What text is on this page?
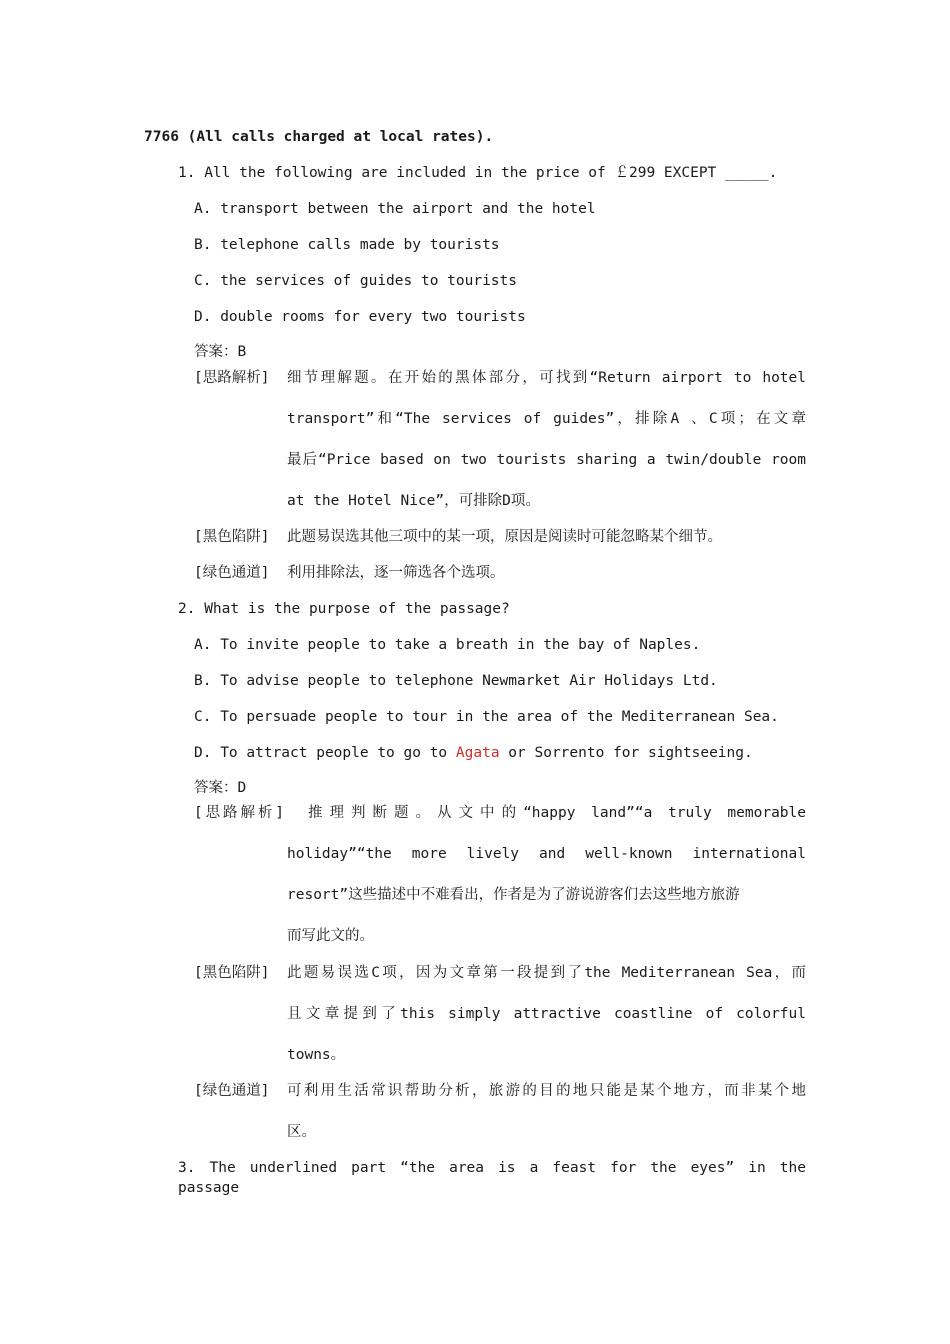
7766 (All calls charged at local rates).
1. All the following are included in the price of ￡299 EXCEPT _____.
A. transport between the airport and the hotel
B. telephone calls made by tourists
C. the services of guides to tourists
D. double rooms for every two tourists
答案：B
[思路解析] 细节理解题。在开始的黑体部分，可找到“Return airport to hotel
transport”和“The services of guides”，排除A 、C项；在文章
最后“Price based on two tourists sharing a twin/double room
at the Hotel Nice”，可排除D项。
[黑色陷阱] 此题易误选其他三项中的某一项，原因是阅读时可能忽略某个细节。
[绿色通道] 利用排除法，逐一筛选各个选项。
2. What is the purpose of the passage?
A. To invite people to take a breath in the bay of Naples.
B. To advise people to telephone Newmarket Air Holidays Ltd.
C. To persuade people to tour in the area of the Mediterranean Sea.
D. To attract people to go to Agata or Sorrento for sightseeing.
答案：D
[思路解析] 推理判断题。从文中的“happy land”“a truly memorable
holiday”“the more lively and well-known international
resort”这些描述中不难看出，作者是为了游说游客们去这些地方旅游
而写此文的。
[黑色陷阱] 此题易误选C项，因为文章第一段提到了the Mediterranean Sea，而
且文章提到了this simply attractive coastline of colorful
towns。
[绿色通道] 可利用生活常识帮助分析，旅游的目的地只能是某个地方，而非某个地
区。
3. The underlined part “the area is a feast for the eyes” in the passage
